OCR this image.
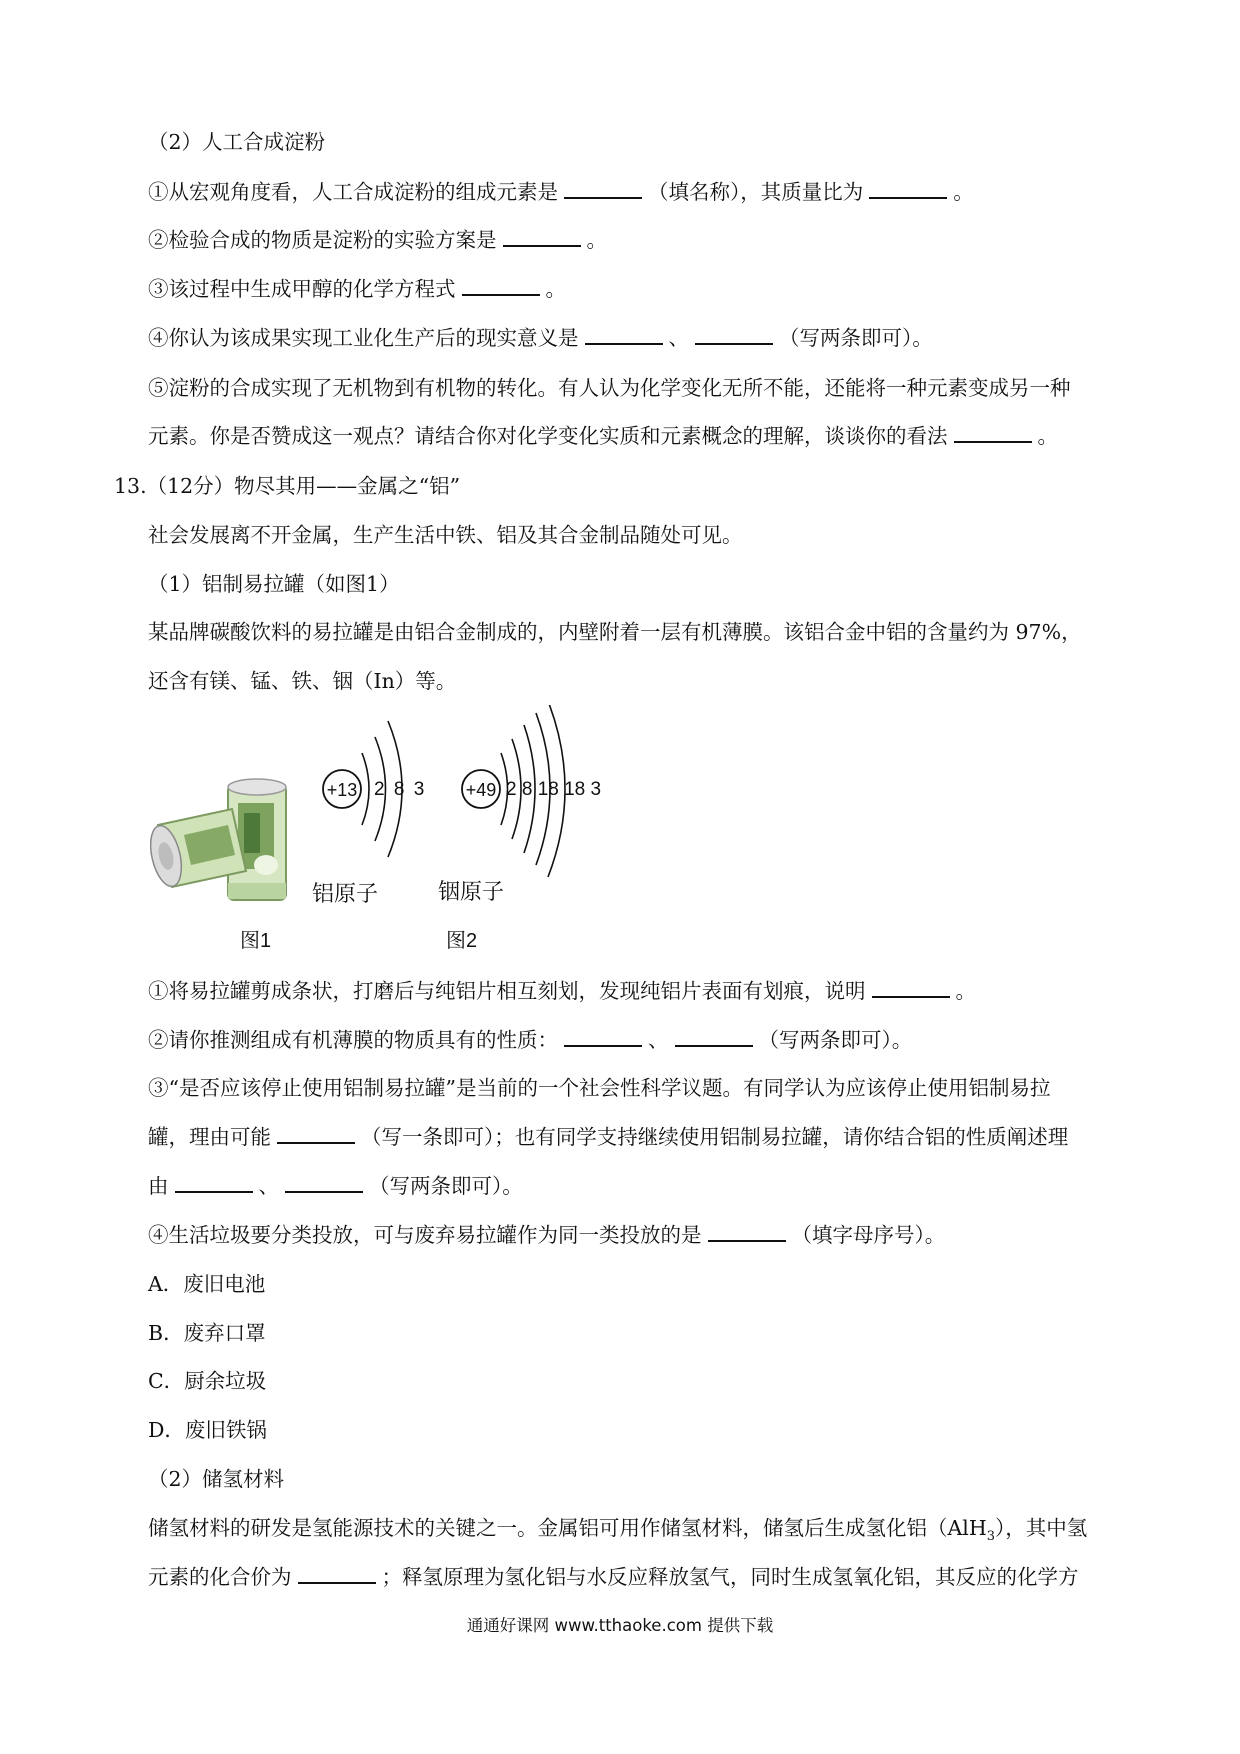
（2）人工合成淀粉
①从宏观角度看，人工合成淀粉的组成元素是	（填名称），其质量比为	。
②检验合成的物质是淀粉的实验方案是	。
③该过程中生成甲醇的化学方程式	。
④你认为该成果实现工业化生产后的现实意义是	、	（写两条即可）。
⑤淀粉的合成实现了无机物到有机物的转化。有人认为化学变化无所不能，还能将一种元素变成另一种
元素。你是否赞成这一观点？请结合你对化学变化实质和元素概念的理解，谈谈你的看法	。
13.（12分）物尽其用——金属之“铝”
社会发展离不开金属，生产生活中铁、铝及其合金制品随处可见。
（1）铝制易拉罐（如图1）
某品牌碳酸饮料的易拉罐是由铝合金制成的，内壁附着一层有机薄膜。该铝合金中铝的含量约为 97%，
还含有镁、锰、铁、铟（In）等。
图1
+13 2 8 3
铝原子
+49 2 8 18 18 3
铟原子
图2
①将易拉罐剪成条状，打磨后与纯铝片相互刻划，发现纯铝片表面有划痕，说明	。
②请你推测组成有机薄膜的物质具有的性质：	、	（写两条即可）。
③“是否应该停止使用铝制易拉罐”是当前的一个社会性科学议题。有同学认为应该停止使用铝制易拉
罐，理由可能	（写一条即可）；也有同学支持继续使用铝制易拉罐，请你结合铝的性质阐述理
由	、	（写两条即可）。
④生活垃圾要分类投放，可与废弃易拉罐作为同一类投放的是	（填字母序号）。
A．废旧电池
B．废弃口罩
C．厨余垃圾
D．废旧铁锅
（2）储氢材料
储氢材料的研发是氢能源技术的关键之一。金属铝可用作储氢材料，储氢后生成氢化铝（AlH$_3$），其中氢
元素的化合价为	；释氢原理为氢化铝与水反应释放氢气，同时生成氢氧化铝，其反应的化学方
通通好课网 www.tthaoke.com 提供下载
